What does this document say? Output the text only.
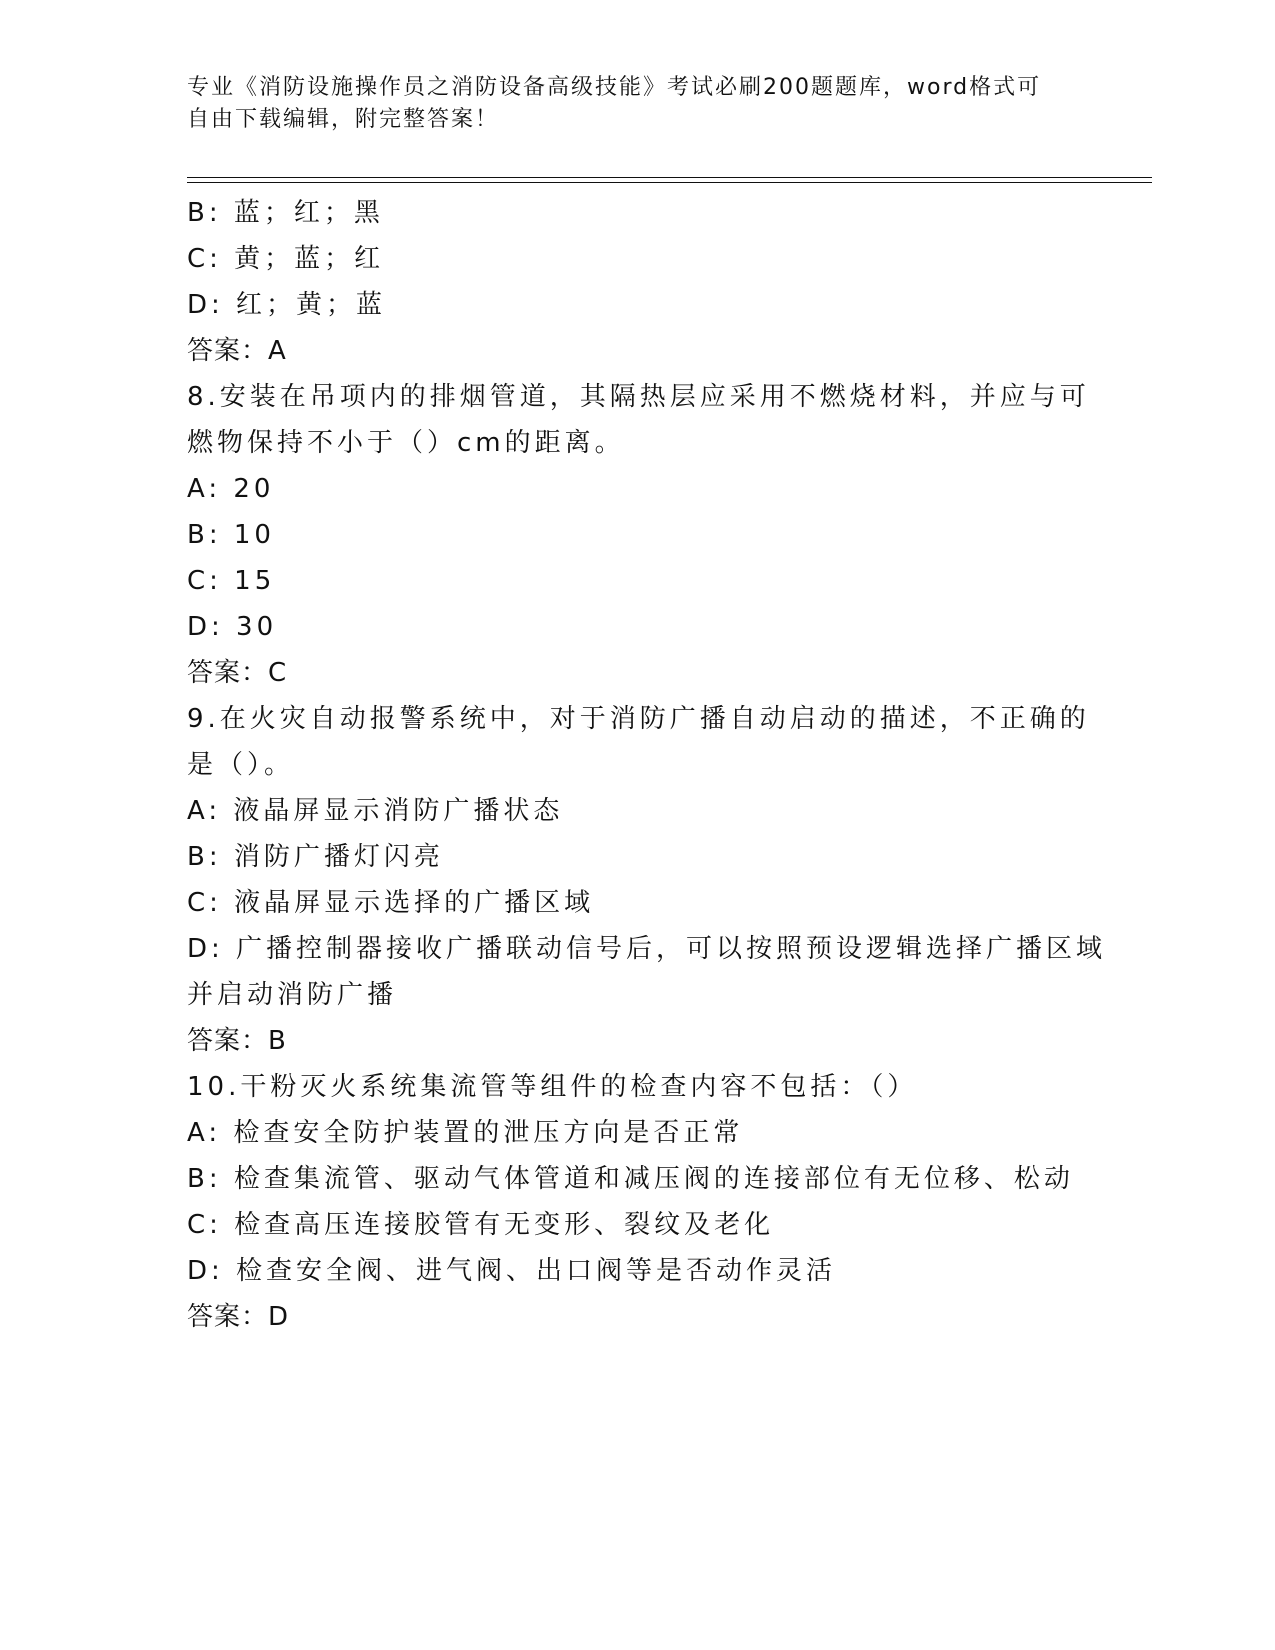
专业《消防设施操作员之消防设备高级技能》考试必刷200题题库，word格式可
自由下载编辑，附完整答案！
B: 蓝；红；黑
C: 黄；蓝；红
D: 红；黄；蓝
答案：A
8.安装在吊项内的排烟管道，其隔热层应采用不燃烧材料，并应与可
燃物保持不小于（）cm的距离。
A: 20
B: 10
C: 15
D: 30
答案：C
9.在火灾自动报警系统中，对于消防广播自动启动的描述，不正确的
是（）。
A: 液晶屏显示消防广播状态
B: 消防广播灯闪亮
C: 液晶屏显示选择的广播区域
D: 广播控制器接收广播联动信号后，可以按照预设逻辑选择广播区域
并启动消防广播
答案：B
10.干粉灭火系统集流管等组件的检查内容不包括：（）
A: 检查安全防护装置的泄压方向是否正常
B: 检查集流管、驱动气体管道和减压阀的连接部位有无位移、松动
C: 检查高压连接胶管有无变形、裂纹及老化
D: 检查安全阀、进气阀、出口阀等是否动作灵活
答案：D
